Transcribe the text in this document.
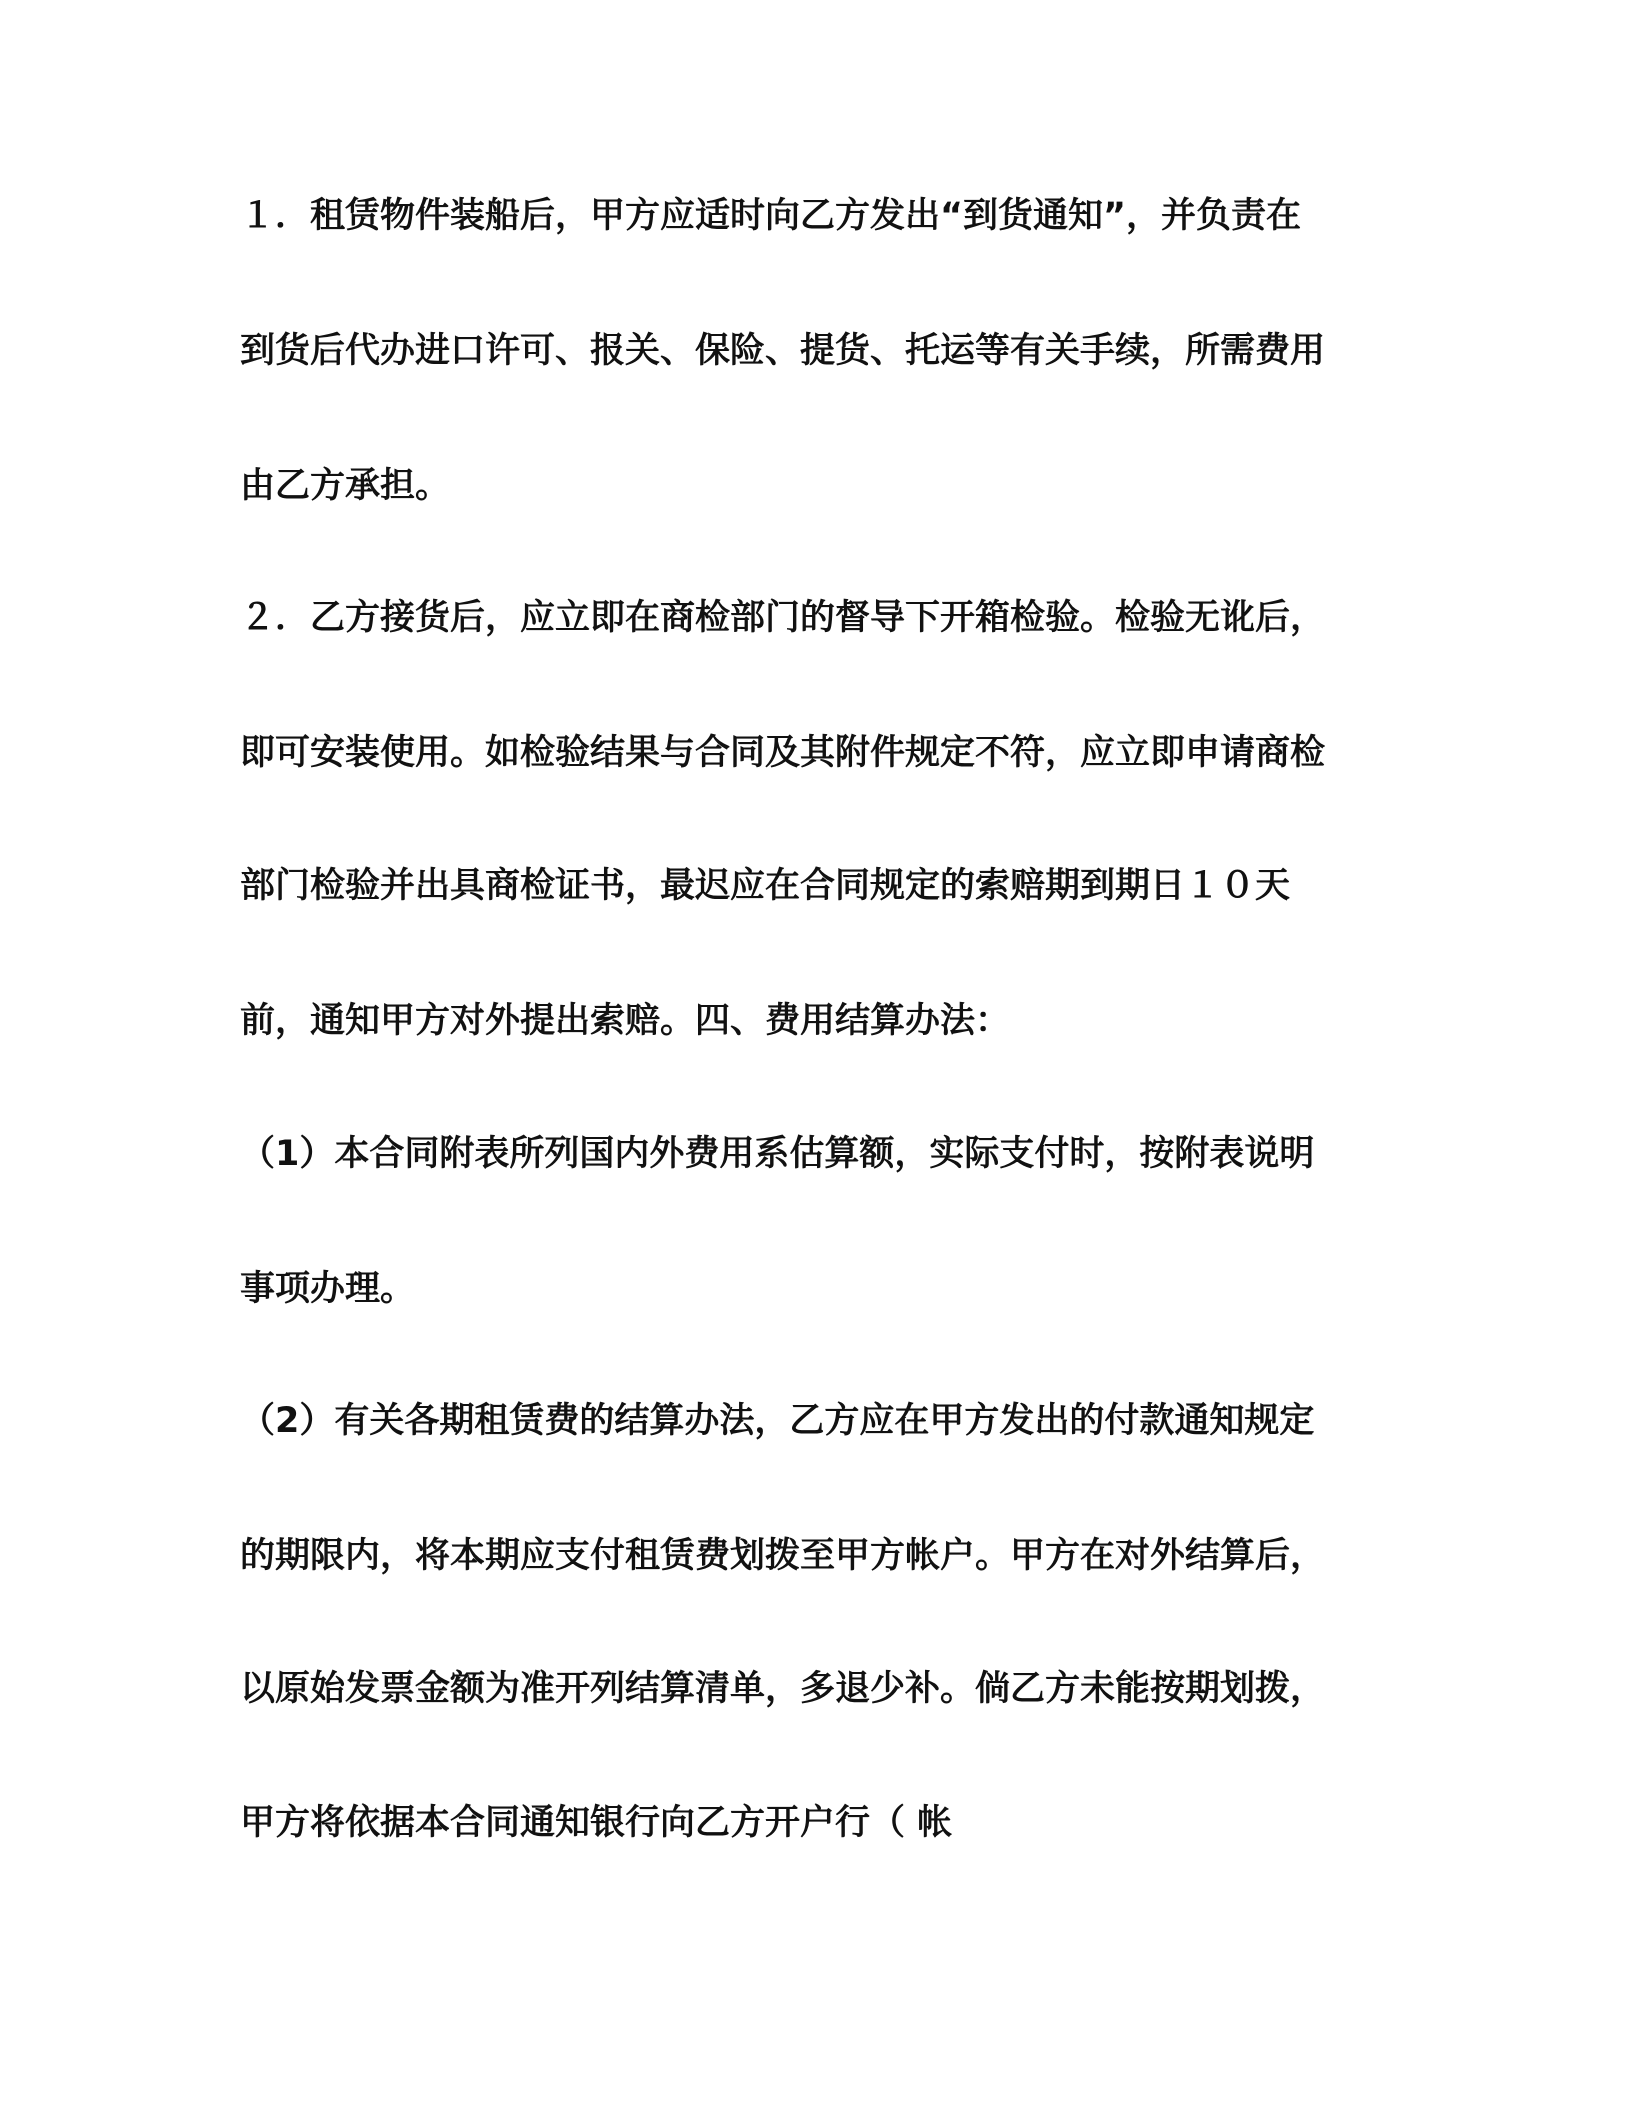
１．租赁物件装船后，甲方应适时向乙方发出“到货通知”，并负责在
到货后代办进口许可、报关、保险、提货、托运等有关手续，所需费用
由乙方承担。
２．乙方接货后，应立即在商检部门的督导下开箱检验。检验无讹后，
即可安装使用。如检验结果与合同及其附件规定不符，应立即申请商检
部门检验并出具商检证书，最迟应在合同规定的索赔期到期日１０天
前，通知甲方对外提出索赔。四、费用结算办法：
（1）本合同附表所列国内外费用系估算额，实际支付时，按附表说明
事项办理。
（2）有关各期租赁费的结算办法，乙方应在甲方发出的付款通知规定
的期限内，将本期应支付租赁费划拨至甲方帐户。甲方在对外结算后，
以原始发票金额为准开列结算清单，多退少补。倘乙方未能按期划拨，
甲方将依据本合同通知银行向乙方开户行（ 帐
